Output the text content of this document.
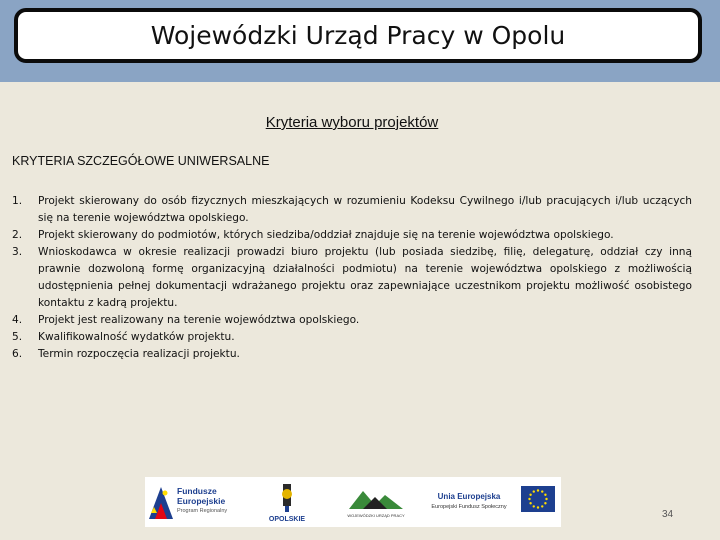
Wojewódzki Urząd Pracy w Opolu
Kryteria wyboru projektów
KRYTERIA SZCZEGÓŁOWE UNIWERSALNE
1.	Projekt skierowany do osób fizycznych mieszkających w rozumieniu Kodeksu Cywilnego i/lub pracujących i/lub uczących się na terenie województwa opolskiego.
2.	Projekt skierowany do podmiotów, których siedziba/oddział znajduje się na terenie województwa opolskiego.
3.	Wnioskodawca w okresie realizacji prowadzi biuro projektu (lub posiada siedzibę, filię, delegaturę, oddział czy inną prawnie dozwoloną formę organizacyjną działalności podmiotu) na terenie województwa opolskiego z możliwością udostępnienia pełnej dokumentacji wdrażanego projektu oraz zapewniające uczestnikom projektu możliwość osobistego kontaktu z kadrą projektu.
4.	Projekt jest realizowany na terenie województwa opolskiego.
5.	Kwalifikowalność wydatków projektu.
6.	Termin rozpoczęcia realizacji projektu.
Fundusze
Europejskie
Program Regionalny
OPOLSKIE
WOJEWÓDZKI URZĄD PRACY
Unia Europejska
Europejski Fundusz Społeczny
34
